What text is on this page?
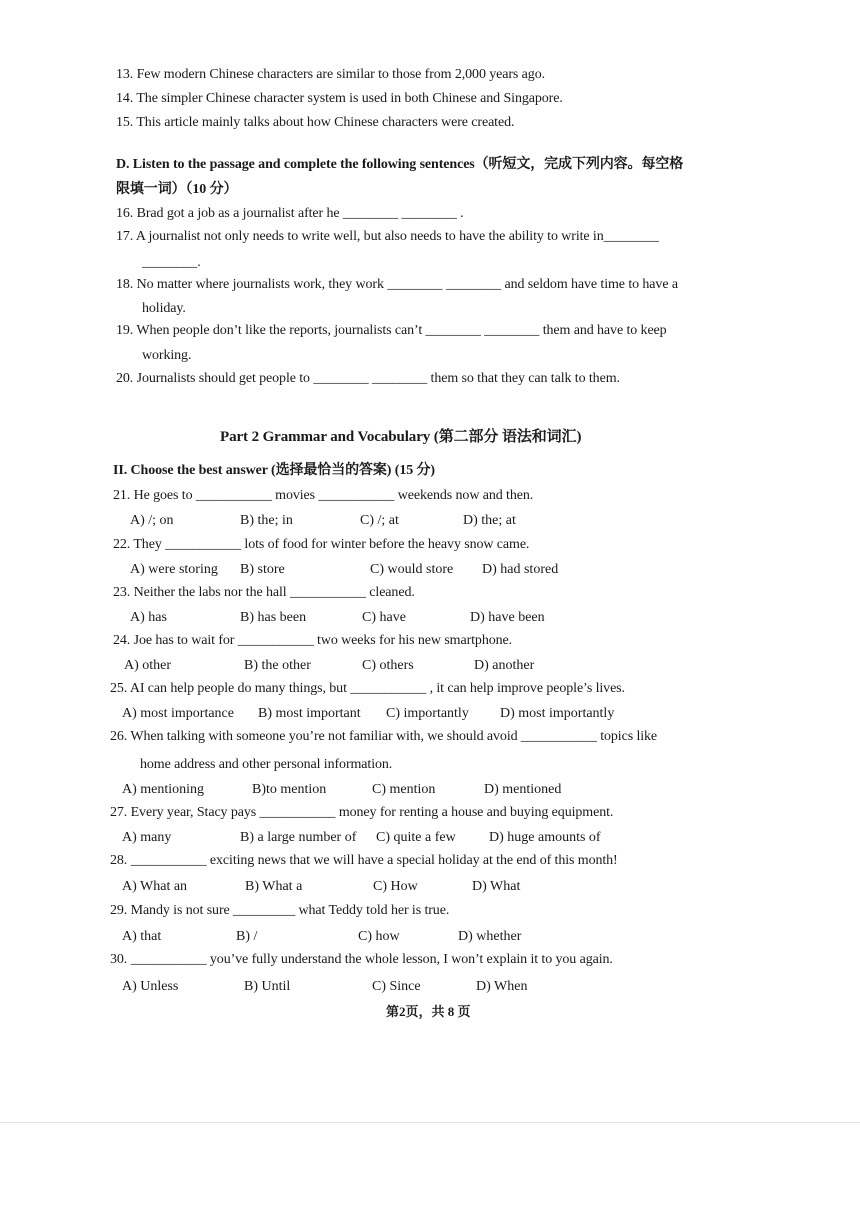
13. Few modern Chinese characters are similar to those from 2,000 years ago.
14. The simpler Chinese character system is used in both Chinese and Singapore.
15. This article mainly talks about how Chinese characters were created.
D. Listen to the passage and complete the following sentences（听短文，完成下列内容。每空格
限填一词）（10 分）
16. Brad got a job as a journalist after he ________ ________ .
17. A journalist not only needs to write well, but also needs to have the ability to write in________
________.
18. No matter where journalists work, they work ________ ________ and seldom have time to have a
holiday.
19. When people don’t like the reports, journalists can’t ________ ________ them and have to keep
working.
20. Journalists should get people to ________ ________ them so that they can talk to them.
Part 2 Grammar and Vocabulary (第二部分 语法和词汇)
II. Choose the best answer (选择最恰当的答案) (15 分)
21. He goes to ___________ movies ___________ weekends now and then.
A) /; on	B) the; in	C) /; at	D) the; at
22. They ___________ lots of food for winter before the heavy snow came.
A) were storing B) store	C) would store D) had stored
23. Neither the labs nor the hall ___________ cleaned.
A) has	B) has been	C) have	D) have been
24. Joe has to wait for ___________ two weeks for his new smartphone.
A) other	B) the other	C) others	D) another
25. AI can help people do many things, but ___________ , it can help improve people’s lives.
A) most importance B) most important C) importantly D) most importantly
26. When talking with someone you’re not familiar with, we should avoid ___________ topics like
home address and other personal information.
A) mentioning	B)to mention	C) mention	D) mentioned
27. Every year, Stacy pays ___________ money for renting a house and buying equipment.
A) many	B) a large number of C) quite a few D) huge amounts of
28. ___________ exciting news that we will have a special holiday at the end of this month!
A) What an	B) What a	C) How	D) What
29. Mandy is not sure _________ what Teddy told her is true.
A) that	B) /	C) how	D) whether
30. ___________ you’ve fully understand the whole lesson, I won’t explain it to you again.
A) Unless	B) Until	C) Since	D) When
第2页，共 8 页
